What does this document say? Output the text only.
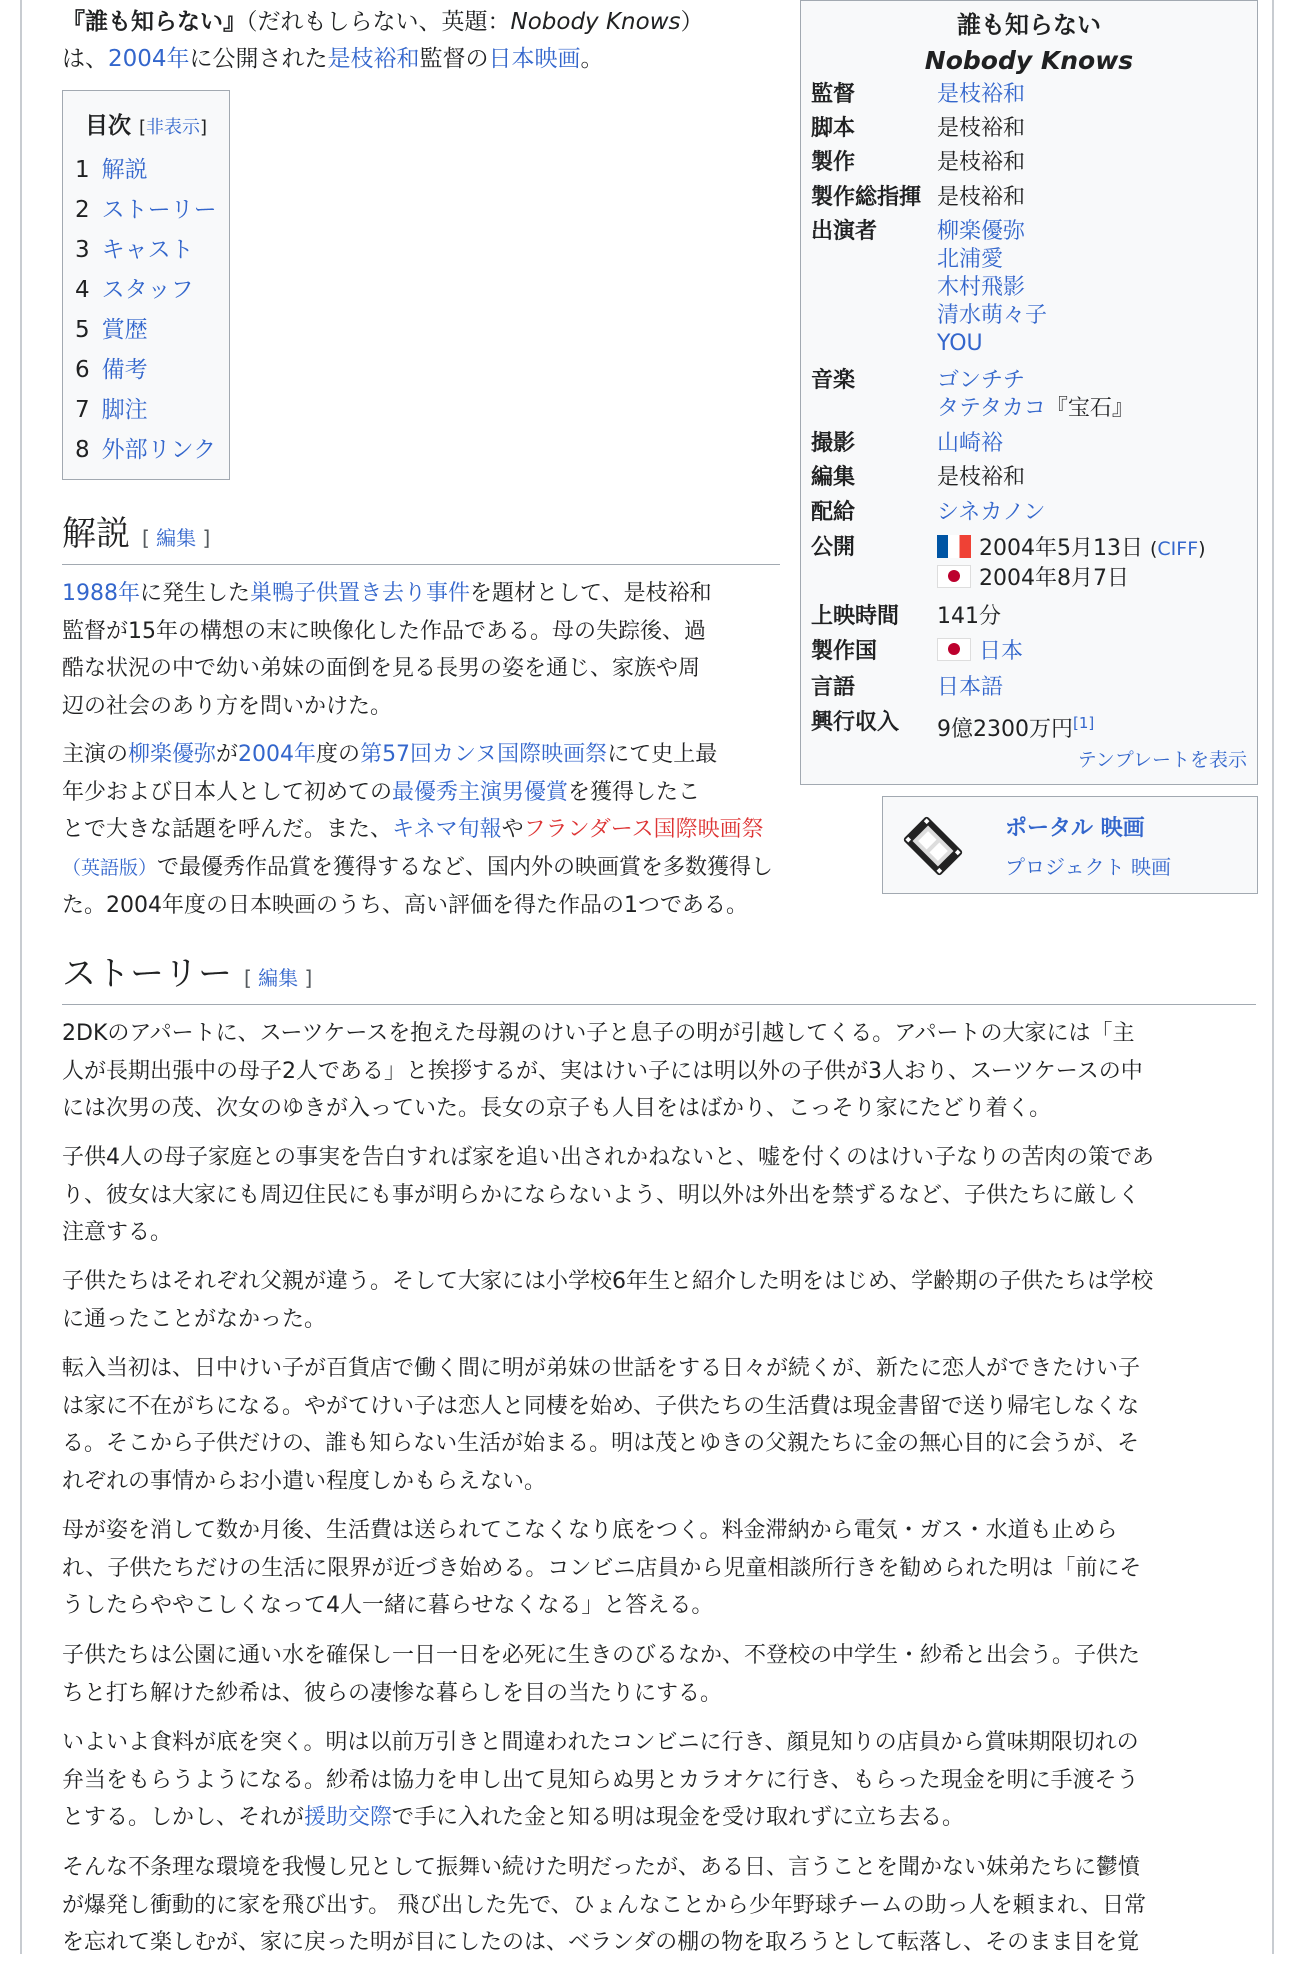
『誰も知らない』（だれもしらない、英題：Nobody Knows）
は、2004年に公開された是枝裕和監督の日本映画。
目次 [非表示]
1 解説
2 ストーリー
3 キャスト
4 スタッフ
5 賞歴
6 備考
7 脚注
8 外部リンク
解説 [ 編集 ]
1988年に発生した巣鴨子供置き去り事件を題材として、是枝裕和
監督が15年の構想の末に映像化した作品である。母の失踪後、過
酷な状況の中で幼い弟妹の面倒を見る長男の姿を通じ、家族や周
辺の社会のあり方を問いかけた。
主演の柳楽優弥が2004年度の第57回カンヌ国際映画祭にて史上最
年少および日本人として初めての最優秀主演男優賞を獲得したこ
とで大きな話題を呼んだ。また、キネマ旬報やフランダース国際映画祭
（英語版）で最優秀作品賞を獲得するなど、国内外の映画賞を多数獲得し
た。2004年度の日本映画のうち、高い評価を得た作品の1つである。
ストーリー [ 編集 ]
2DKのアパートに、スーツケースを抱えた母親のけい子と息子の明が引越してくる。アパートの大家には「主
人が長期出張中の母子2人である」と挨拶するが、実はけい子には明以外の子供が3人おり、スーツケースの中
には次男の茂、次女のゆきが入っていた。長女の京子も人目をはばかり、こっそり家にたどり着く。
子供4人の母子家庭との事実を告白すれば家を追い出されかねないと、嘘を付くのはけい子なりの苦肉の策であ
り、彼女は大家にも周辺住民にも事が明らかにならないよう、明以外は外出を禁ずるなど、子供たちに厳しく
注意する。
子供たちはそれぞれ父親が違う。そして大家には小学校6年生と紹介した明をはじめ、学齢期の子供たちは学校
に通ったことがなかった。
転入当初は、日中けい子が百貨店で働く間に明が弟妹の世話をする日々が続くが、新たに恋人ができたけい子
は家に不在がちになる。やがてけい子は恋人と同棲を始め、子供たちの生活費は現金書留で送り帰宅しなくな
る。そこから子供だけの、誰も知らない生活が始まる。明は茂とゆきの父親たちに金の無心目的に会うが、そ
れぞれの事情からお小遣い程度しかもらえない。
母が姿を消して数か月後、生活費は送られてこなくなり底をつく。料金滞納から電気・ガス・水道も止めら
れ、子供たちだけの生活に限界が近づき始める。コンビニ店員から児童相談所行きを勧められた明は「前にそ
うしたらややこしくなって4人一緒に暮らせなくなる」と答える。
子供たちは公園に通い水を確保し一日一日を必死に生きのびるなか、不登校の中学生・紗希と出会う。子供た
ちと打ち解けた紗希は、彼らの凄惨な暮らしを目の当たりにする。
いよいよ食料が底を突く。明は以前万引きと間違われたコンビニに行き、顔見知りの店員から賞味期限切れの
弁当をもらうようになる。紗希は協力を申し出て見知らぬ男とカラオケに行き、もらった現金を明に手渡そう
とする。しかし、それが援助交際で手に入れた金と知る明は現金を受け取れずに立ち去る。
そんな不条理な環境を我慢し兄として振舞い続けた明だったが、ある日、言うことを聞かない妹弟たちに鬱憤
が爆発し衝動的に家を飛び出す。 飛び出した先で、ひょんなことから少年野球チームの助っ人を頼まれ、日常
を忘れて楽しむが、家に戻った明が目にしたのは、ベランダの棚の物を取ろうとして転落し、そのまま目を覚
誰も知らない
Nobody Knows
監督	是枝裕和
脚本	是枝裕和
製作	是枝裕和
製作総指揮 是枝裕和
出演者	柳楽優弥
北浦愛
木村飛影
清水萌々子
YOU
音楽	ゴンチチ
タテタカコ『宝石』
撮影	山崎裕
編集	是枝裕和
配給	シネカノン
公開	2004年5月13日 (CIFF)
2004年8月7日
上映時間	141分
製作国	日本
言語	日本語
興行収入	9億2300万円[1]
テンプレートを表示
ポータル 映画
プロジェクト 映画
